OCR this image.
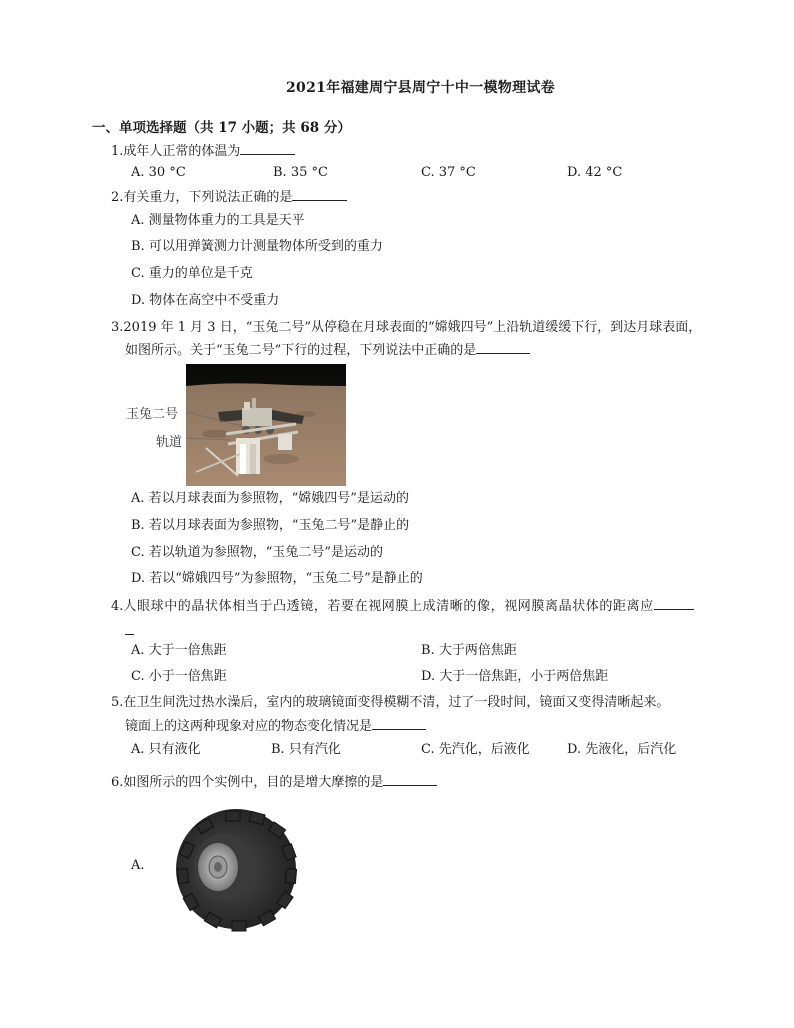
2021年福建周宁县周宁十中一模物理试卷
一、单项选择题（共 17 小题；共 68 分）
1.成年人正常的体温为
A. 30 °C	B. 35 °C	C. 37 °C	D. 42 °C
2.有关重力，下列说法正确的是
A. 测量物体重力的工具是天平
B. 可以用弹簧测力计测量物体所受到的重力
C. 重力的单位是千克
D. 物体在高空中不受重力
3.2019 年 1 月 3 日，“玉兔二号”从停稳在月球表面的“嫦娥四号”上沿轨道缓缓下行，到达月球表面，
如图所示。关于“玉兔二号”下行的过程，下列说法中正确的是
玉兔二号
轨道
A. 若以月球表面为参照物，“嫦娥四号”是运动的
B. 若以月球表面为参照物，“玉兔二号”是静止的
C. 若以轨道为参照物，“玉兔二号”是运动的
D. 若以“嫦娥四号”为参照物，“玉兔二号”是静止的
4.人眼球中的晶状体相当于凸透镜，若要在视网膜上成清晰的像，视网膜离晶状体的距离应
A. 大于一倍焦距	B. 大于两倍焦距
C. 小于一倍焦距	D. 大于一倍焦距，小于两倍焦距
5.在卫生间洗过热水澡后，室内的玻璃镜面变得模糊不清，过了一段时间，镜面又变得清晰起来。
镜面上的这两种现象对应的物态变化情况是
A. 只有液化	B. 只有汽化	C. 先汽化，后液化	D. 先液化，后汽化
6.如图所示的四个实例中，目的是增大摩擦的是
A.
